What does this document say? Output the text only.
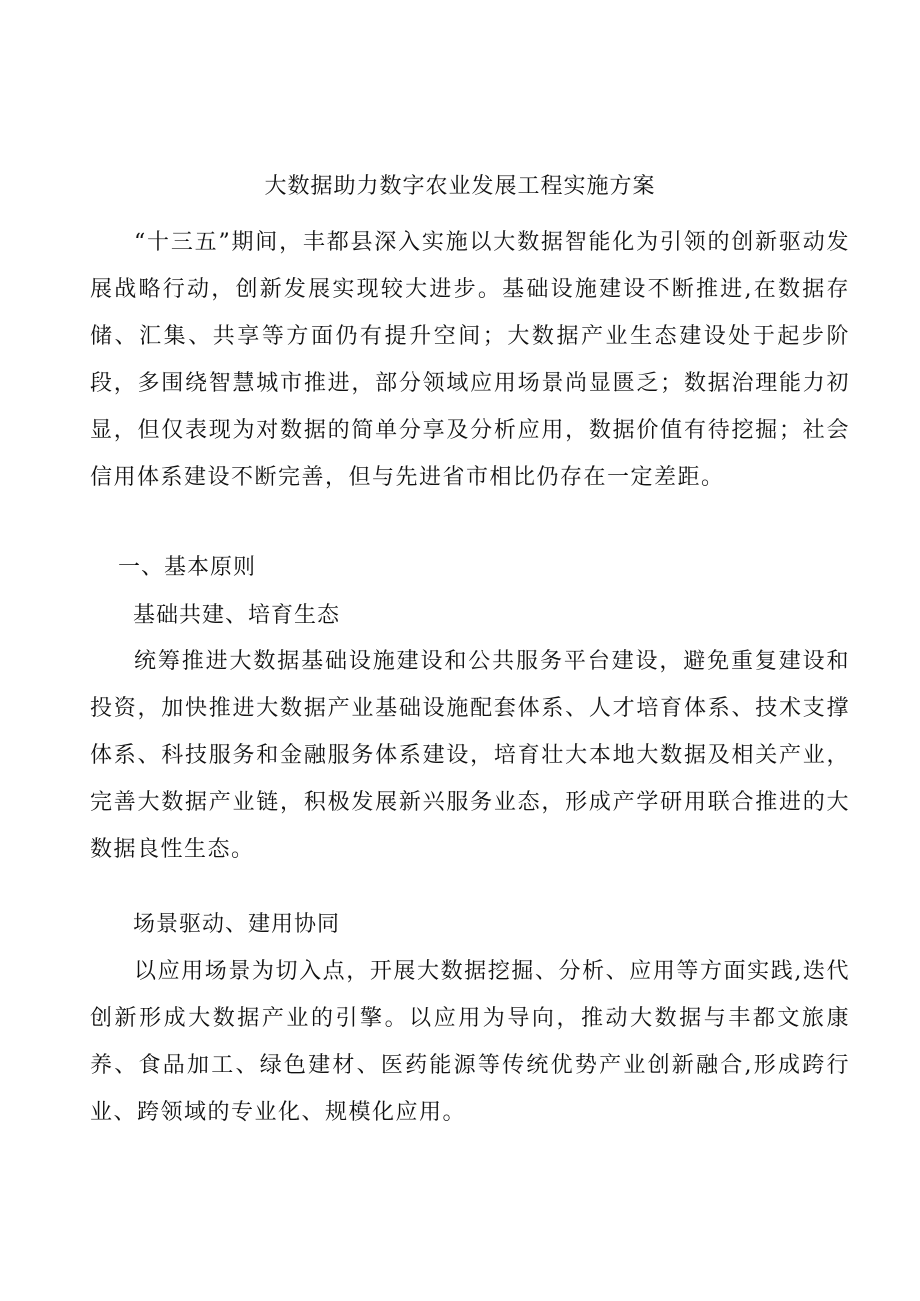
大数据助力数字农业发展工程实施方案

“十三五”期间，丰都县深入实施以大数据智能化为引领的创新驱动发展战略行动，创新发展实现较大进步。基础设施建设不断推进,在数据存储、汇集、共享等方面仍有提升空间；大数据产业生态建设处于起步阶段，多围绕智慧城市推进，部分领域应用场景尚显匮乏；数据治理能力初显，但仅表现为对数据的简单分享及分析应用，数据价值有待挖掘；社会信用体系建设不断完善，但与先进省市相比仍存在一定差距。

一、基本原则
基础共建、培育生态

统筹推进大数据基础设施建设和公共服务平台建设，避免重复建设和投资，加快推进大数据产业基础设施配套体系、人才培育体系、技术支撑体系、科技服务和金融服务体系建设，培育壮大本地大数据及相关产业，完善大数据产业链，积极发展新兴服务业态，形成产学研用联合推进的大数据良性生态。

场景驱动、建用协同

以应用场景为切入点，开展大数据挖掘、分析、应用等方面实践,迭代创新形成大数据产业的引擎。以应用为导向，推动大数据与丰都文旅康养、食品加工、绿色建材、医药能源等传统优势产业创新融合,形成跨行业、跨领域的专业化、规模化应用。
